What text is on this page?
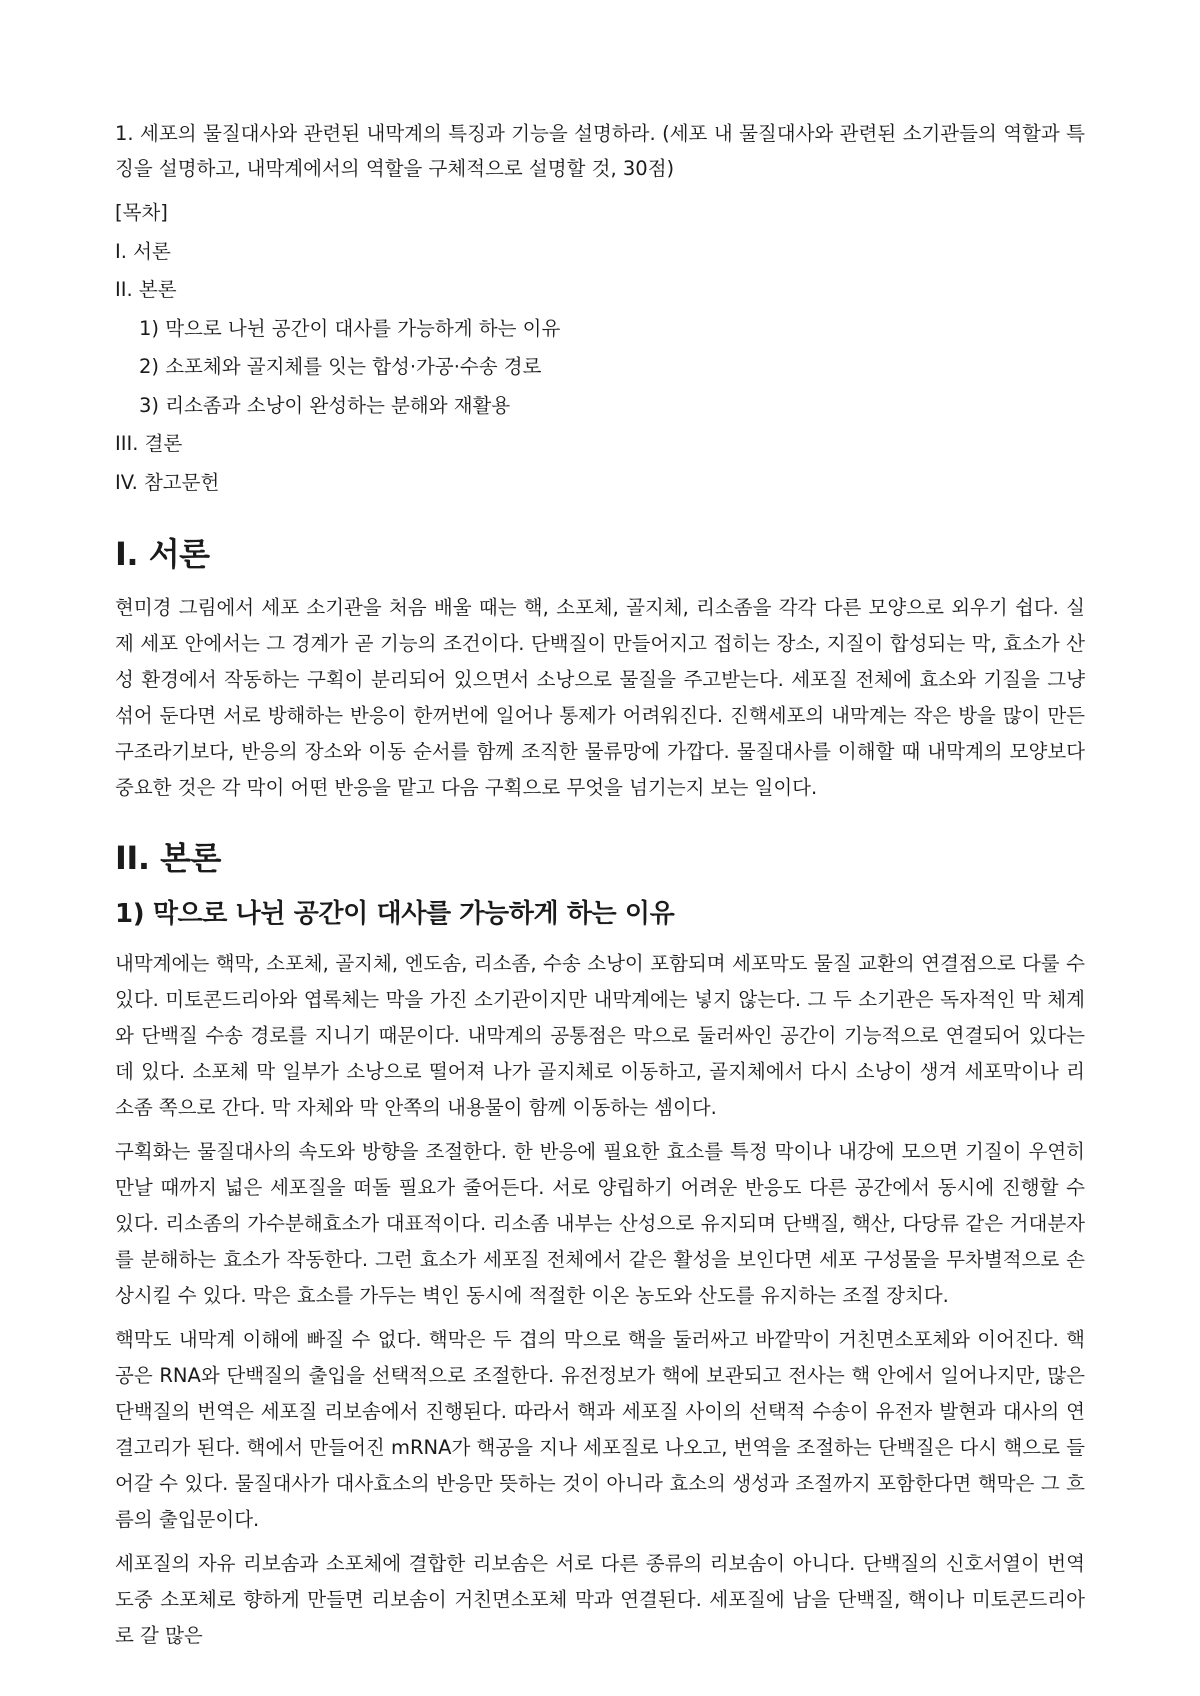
1. 세포의 물질대사와 관련된 내막계의 특징과 기능을 설명하라. (세포 내 물질대사와 관련된 소기관들의 역할과 특징을 설명하고, 내막계에서의 역할을 구체적으로 설명할 것, 30점)

[목차]
I. 서론
II. 본론
1) 막으로 나뉜 공간이 대사를 가능하게 하는 이유
2) 소포체와 골지체를 잇는 합성·가공·수송 경로
3) 리소좀과 소낭이 완성하는 분해와 재활용
III. 결론
IV. 참고문헌
I. 서론

현미경 그림에서 세포 소기관을 처음 배울 때는 핵, 소포체, 골지체, 리소좀을 각각 다른 모양으로 외우기 쉽다. 실제 세포 안에서는 그 경계가 곧 기능의 조건이다. 단백질이 만들어지고 접히는 장소, 지질이 합성되는 막, 효소가 산성 환경에서 작동하는 구획이 분리되어 있으면서 소낭으로 물질을 주고받는다. 세포질 전체에 효소와 기질을 그냥 섞어 둔다면 서로 방해하는 반응이 한꺼번에 일어나 통제가 어려워진다. 진핵세포의 내막계는 작은 방을 많이 만든 구조라기보다, 반응의 장소와 이동 순서를 함께 조직한 물류망에 가깝다. 물질대사를 이해할 때 내막계의 모양보다 중요한 것은 각 막이 어떤 반응을 맡고 다음 구획으로 무엇을 넘기는지 보는 일이다.

II. 본론
1) 막으로 나뉜 공간이 대사를 가능하게 하는 이유

내막계에는 핵막, 소포체, 골지체, 엔도솜, 리소좀, 수송 소낭이 포함되며 세포막도 물질 교환의 연결점으로 다룰 수 있다. 미토콘드리아와 엽록체는 막을 가진 소기관이지만 내막계에는 넣지 않는다. 그 두 소기관은 독자적인 막 체계와 단백질 수송 경로를 지니기 때문이다. 내막계의 공통점은 막으로 둘러싸인 공간이 기능적으로 연결되어 있다는 데 있다. 소포체 막 일부가 소낭으로 떨어져 나가 골지체로 이동하고, 골지체에서 다시 소낭이 생겨 세포막이나 리소좀 쪽으로 간다. 막 자체와 막 안쪽의 내용물이 함께 이동하는 셈이다.

구획화는 물질대사의 속도와 방향을 조절한다. 한 반응에 필요한 효소를 특정 막이나 내강에 모으면 기질이 우연히 만날 때까지 넓은 세포질을 떠돌 필요가 줄어든다. 서로 양립하기 어려운 반응도 다른 공간에서 동시에 진행할 수 있다. 리소좀의 가수분해효소가 대표적이다. 리소좀 내부는 산성으로 유지되며 단백질, 핵산, 다당류 같은 거대분자를 분해하는 효소가 작동한다. 그런 효소가 세포질 전체에서 같은 활성을 보인다면 세포 구성물을 무차별적으로 손상시킬 수 있다. 막은 효소를 가두는 벽인 동시에 적절한 이온 농도와 산도를 유지하는 조절 장치다.

핵막도 내막계 이해에 빠질 수 없다. 핵막은 두 겹의 막으로 핵을 둘러싸고 바깥막이 거친면소포체와 이어진다. 핵공은 RNA와 단백질의 출입을 선택적으로 조절한다. 유전정보가 핵에 보관되고 전사는 핵 안에서 일어나지만, 많은 단백질의 번역은 세포질 리보솜에서 진행된다. 따라서 핵과 세포질 사이의 선택적 수송이 유전자 발현과 대사의 연결고리가 된다. 핵에서 만들어진 mRNA가 핵공을 지나 세포질로 나오고, 번역을 조절하는 단백질은 다시 핵으로 들어갈 수 있다. 물질대사가 대사효소의 반응만 뜻하는 것이 아니라 효소의 생성과 조절까지 포함한다면 핵막은 그 흐름의 출입문이다.

세포질의 자유 리보솜과 소포체에 결합한 리보솜은 서로 다른 종류의 리보솜이 아니다. 단백질의 신호서열이 번역 도중 소포체로 향하게 만들면 리보솜이 거친면소포체 막과 연결된다. 세포질에 남을 단백질, 핵이나 미토콘드리아로 갈 많은
